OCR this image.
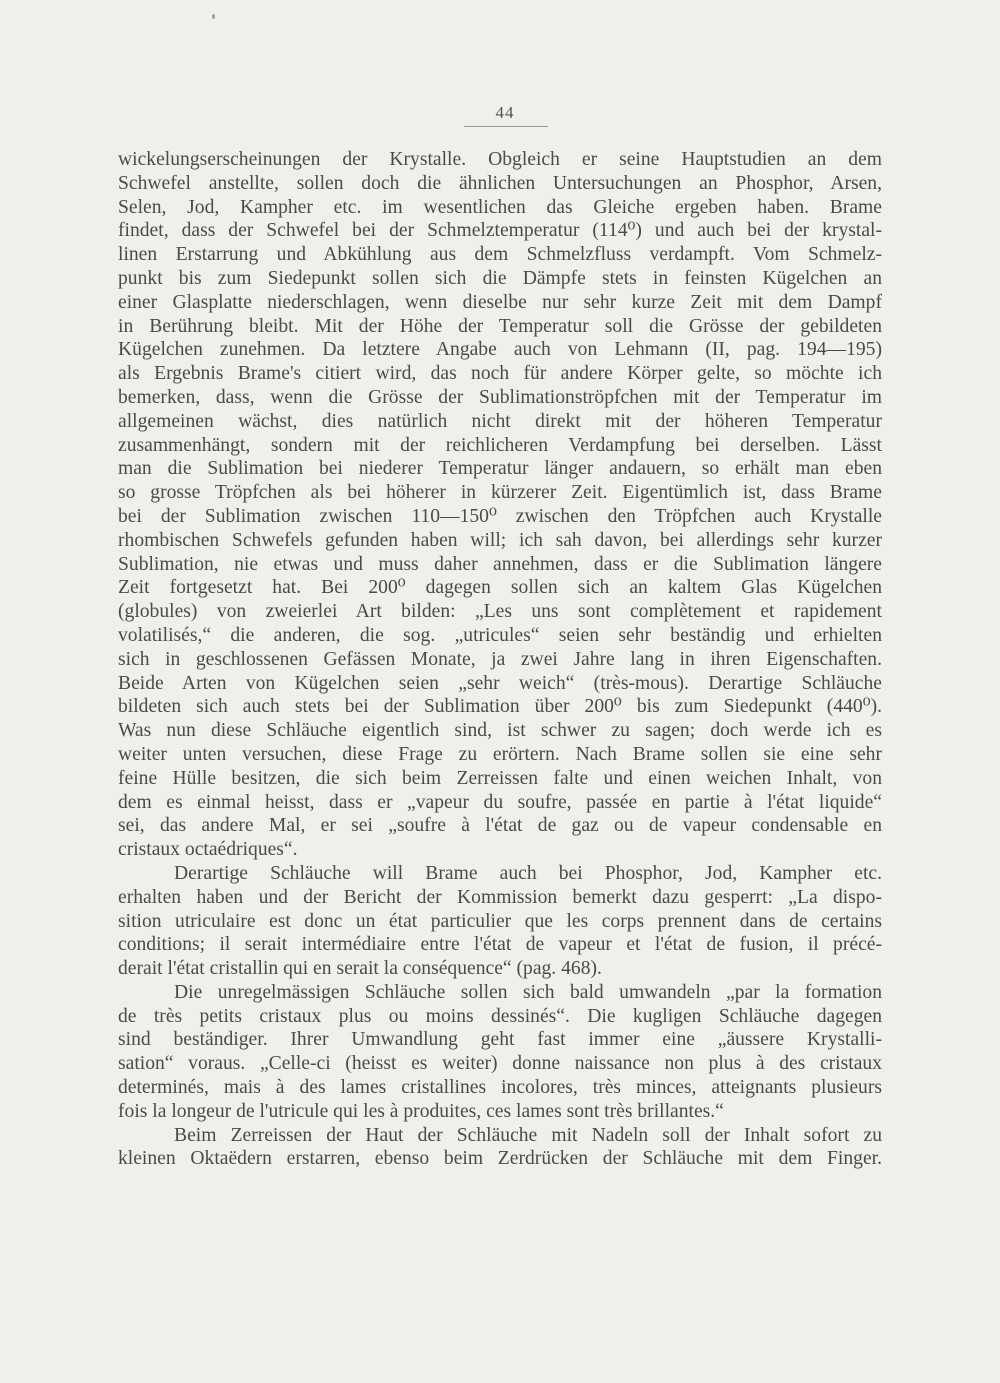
44
wickelungserscheinungen der Krystalle. Obgleich er seine Hauptstudien an dem
Schwefel anstellte, sollen doch die ähnlichen Untersuchungen an Phosphor, Arsen,
Selen, Jod, Kampher etc. im wesentlichen das Gleiche ergeben haben. Brame
findet, dass der Schwefel bei der Schmelztemperatur (114⁰) und auch bei der krystal-
linen Erstarrung und Abkühlung aus dem Schmelzfluss verdampft. Vom Schmelz-
punkt bis zum Siedepunkt sollen sich die Dämpfe stets in feinsten Kügelchen an
einer Glasplatte niederschlagen, wenn dieselbe nur sehr kurze Zeit mit dem Dampf
in Berührung bleibt. Mit der Höhe der Temperatur soll die Grösse der gebildeten
Kügelchen zunehmen. Da letztere Angabe auch von Lehmann (II, pag. 194—195)
als Ergebnis Brame's citiert wird, das noch für andere Körper gelte, so möchte ich
bemerken, dass, wenn die Grösse der Sublimationströpfchen mit der Temperatur im
allgemeinen wächst, dies natürlich nicht direkt mit der höheren Temperatur
zusammenhängt, sondern mit der reichlicheren Verdampfung bei derselben. Lässt
man die Sublimation bei niederer Temperatur länger andauern, so erhält man eben
so grosse Tröpfchen als bei höherer in kürzerer Zeit. Eigentümlich ist, dass Brame
bei der Sublimation zwischen 110—150⁰ zwischen den Tröpfchen auch Krystalle
rhombischen Schwefels gefunden haben will; ich sah davon, bei allerdings sehr kurzer
Sublimation, nie etwas und muss daher annehmen, dass er die Sublimation längere
Zeit fortgesetzt hat. Bei 200⁰ dagegen sollen sich an kaltem Glas Kügelchen
(globules) von zweierlei Art bilden: „Les uns sont complètement et rapidement
volatilisés,“ die anderen, die sog. „utricules“ seien sehr beständig und erhielten
sich in geschlossenen Gefässen Monate, ja zwei Jahre lang in ihren Eigenschaften.
Beide Arten von Kügelchen seien „sehr weich“ (très-mous). Derartige Schläuche
bildeten sich auch stets bei der Sublimation über 200⁰ bis zum Siedepunkt (440⁰).
Was nun diese Schläuche eigentlich sind, ist schwer zu sagen; doch werde ich es
weiter unten versuchen, diese Frage zu erörtern. Nach Brame sollen sie eine sehr
feine Hülle besitzen, die sich beim Zerreissen falte und einen weichen Inhalt, von
dem es einmal heisst, dass er „vapeur du soufre, passée en partie à l'état liquide“
sei, das andere Mal, er sei „soufre à l'état de gaz ou de vapeur condensable en
cristaux octaédriques“.
Derartige Schläuche will Brame auch bei Phosphor, Jod, Kampher etc.
erhalten haben und der Bericht der Kommission bemerkt dazu gesperrt: „La dispo-
sition utriculaire est donc un état particulier que les corps prennent dans de certains
conditions; il serait intermédiaire entre l'état de vapeur et l'état de fusion, il précé-
derait l'état cristallin qui en serait la conséquence“ (pag. 468).
Die unregelmässigen Schläuche sollen sich bald umwandeln „par la formation
de très petits cristaux plus ou moins dessinés“. Die kugligen Schläuche dagegen
sind beständiger. Ihrer Umwandlung geht fast immer eine „äussere Krystalli-
sation“ voraus. „Celle-ci (heisst es weiter) donne naissance non plus à des cristaux
determinés, mais à des lames cristallines incolores, très minces, atteignants plusieurs
fois la longeur de l'utricule qui les à produites, ces lames sont très brillantes.“
Beim Zerreissen der Haut der Schläuche mit Nadeln soll der Inhalt sofort zu
kleinen Oktaëdern erstarren, ebenso beim Zerdrücken der Schläuche mit dem Finger.
